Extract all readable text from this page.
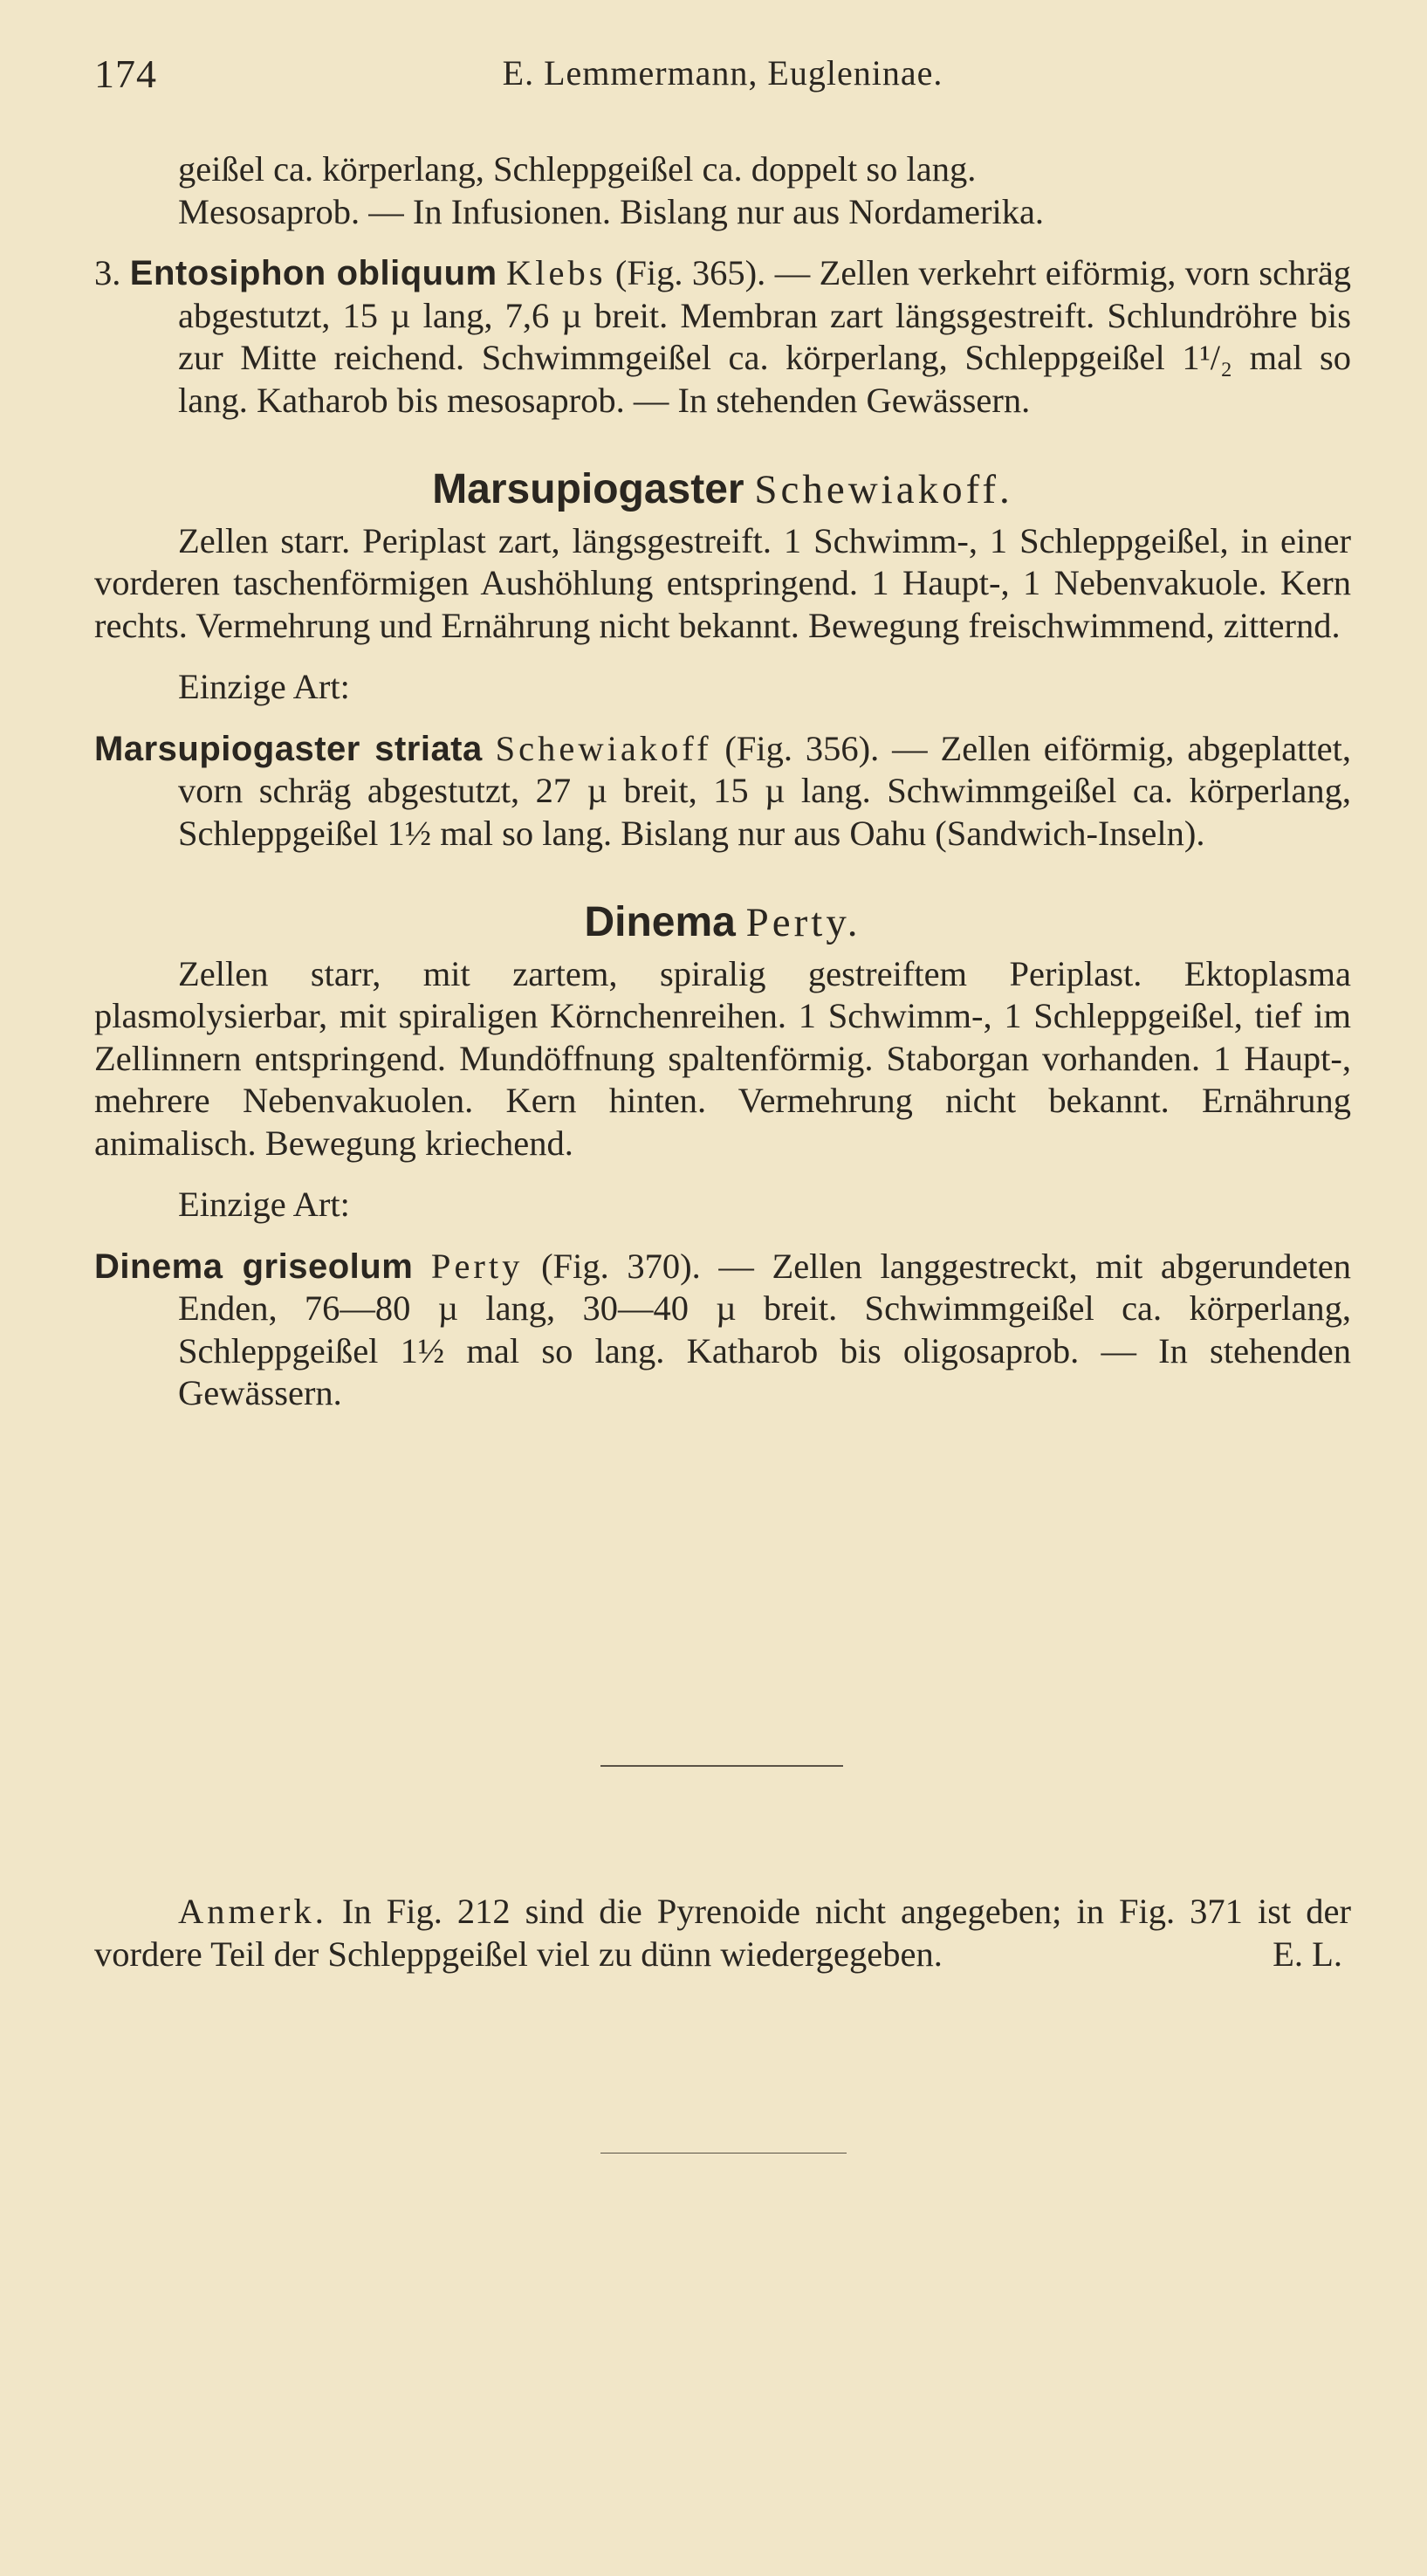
174	E. Lemmermann, Eugleninae.

geißel ca. körperlang, Schleppgeißel ca. doppelt so lang.

Mesosaprob. — In Infusionen. Bislang nur aus Nordamerika.

3. Entosiphon obliquum Klebs (Fig. 365). — Zellen verkehrt eiförmig, vorn schräg abgestutzt, 15 µ lang, 7,6 µ breit. Membran zart längsgestreift. Schlundröhre bis zur Mitte reichend. Schwimmgeißel ca. körperlang, Schleppgeißel 1¹/₂ mal so lang. Katharob bis mesosaprob. — In stehenden Gewässern.

Marsupiogaster Schewiakoff.

Zellen starr. Periplast zart, längsgestreift. 1 Schwimm-, 1 Schleppgeißel, in einer vorderen taschenförmigen Aushöhlung entspringend. 1 Haupt-, 1 Nebenvakuole. Kern rechts. Vermehrung und Ernährung nicht bekannt. Bewegung freischwimmend, zitternd.

Einzige Art:

Marsupiogaster striata Schewiakoff (Fig. 356). — Zellen eiförmig, abgeplattet, vorn schräg abgestutzt, 27 µ breit, 15 µ lang. Schwimmgeißel ca. körperlang, Schleppgeißel 1½ mal so lang. Bislang nur aus Oahu (Sandwich-Inseln).

Dinema Perty.

Zellen starr, mit zartem, spiralig gestreiftem Periplast. Ektoplasma plasmolysierbar, mit spiraligen Körnchenreihen. 1 Schwimm-, 1 Schleppgeißel, tief im Zellinnern entspringend. Mundöffnung spaltenförmig. Staborgan vorhanden. 1 Haupt-, mehrere Nebenvakuolen. Kern hinten. Vermehrung nicht bekannt. Ernährung animalisch. Bewegung kriechend.

Einzige Art:

Dinema griseolum Perty (Fig. 370). — Zellen langgestreckt, mit abgerundeten Enden, 76—80 µ lang, 30—40 µ breit. Schwimmgeißel ca. körperlang, Schleppgeißel 1½ mal so lang. Katharob bis oligosaprob. — In stehenden Gewässern.

Anmerk. In Fig. 212 sind die Pyrenoide nicht angegeben; in Fig. 371 ist der vordere Teil der Schleppgeißel viel zu dünn wiedergegeben.	E. L.
